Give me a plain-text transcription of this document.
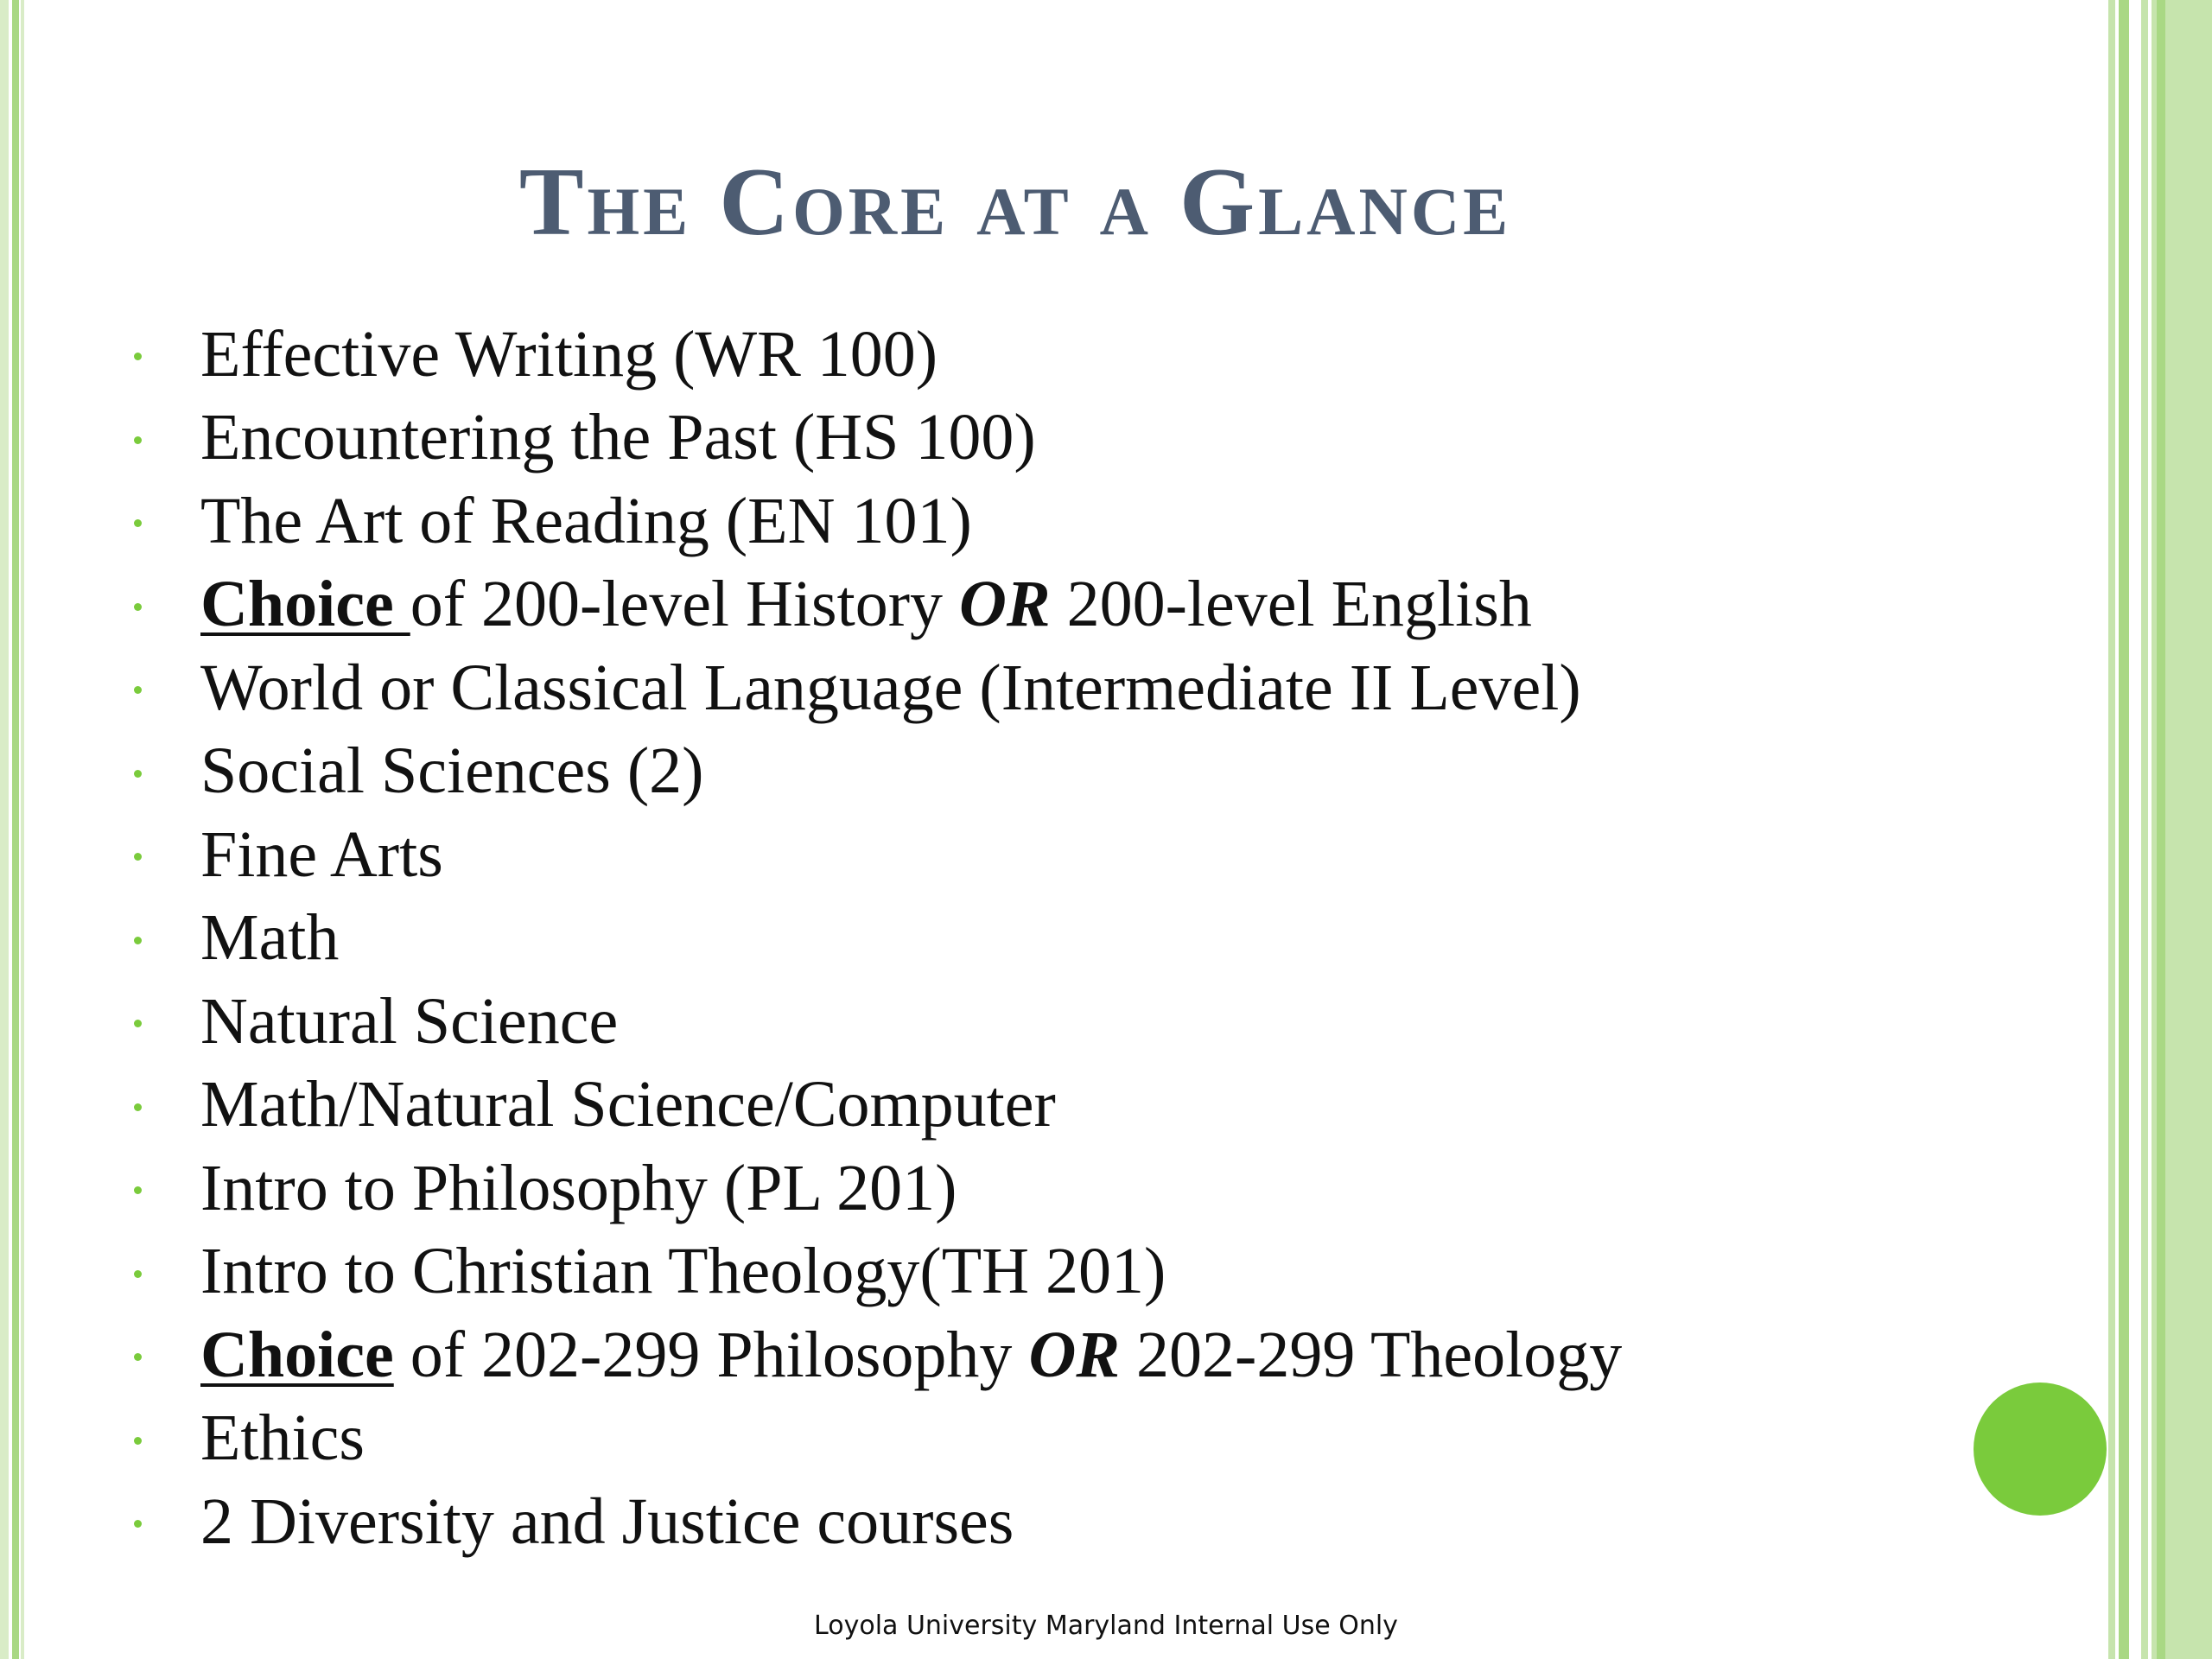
The Core at a Glance
Effective Writing (WR 100)
Encountering the Past (HS 100)
The Art of Reading (EN 101)
Choice of 200-level History OR 200-level English
World or Classical Language (Intermediate II Level)
Social Sciences (2)
Fine Arts
Math
Natural Science
Math/Natural Science/Computer
Intro to Philosophy (PL 201)
Intro to Christian Theology(TH 201)
Choice of 202-299 Philosophy OR 202-299 Theology
Ethics
2 Diversity and Justice courses
Loyola University Maryland Internal Use Only
